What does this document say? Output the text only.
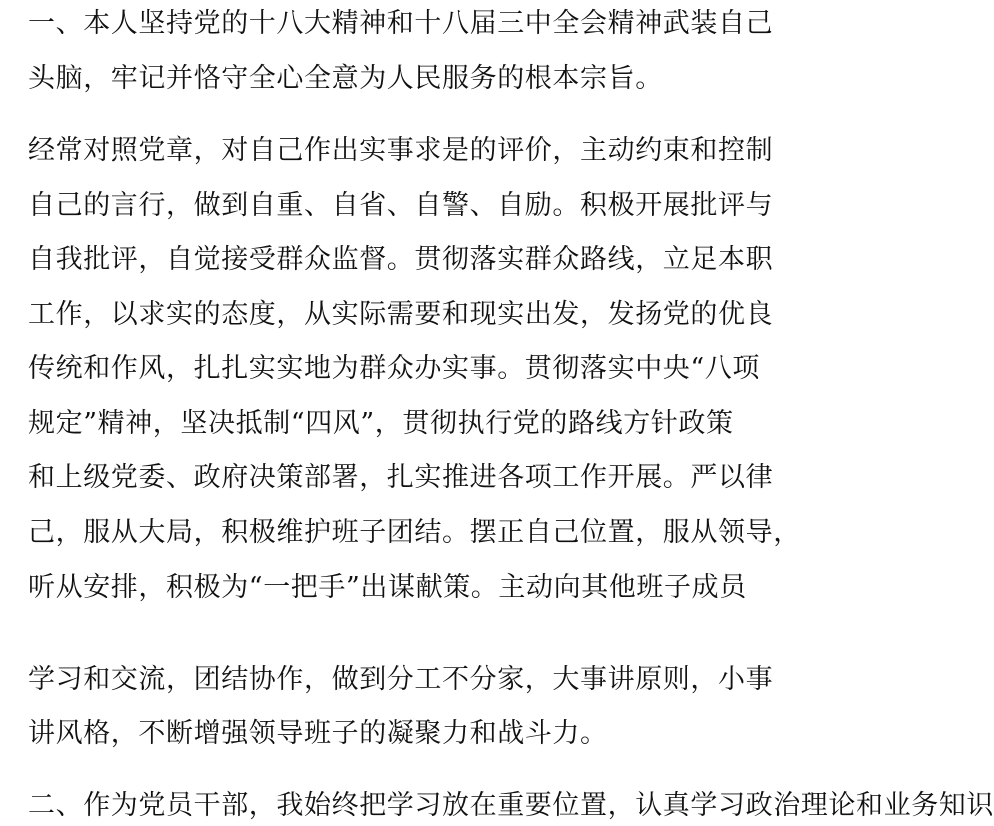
一、本人坚持党的十八大精神和十八届三中全会精神武装自己

头脑，牢记并恪守全心全意为人民服务的根本宗旨。

经常对照党章，对自己作出实事求是的评价，主动约束和控制

自己的言行，做到自重、自省、自警、自励。积极开展批评与

自我批评，自觉接受群众监督。贯彻落实群众路线，立足本职

工作，以求实的态度，从实际需要和现实出发，发扬党的优良

传统和作风，扎扎实实地为群众办实事。贯彻落实中央“八项

规定”精神，坚决抵制“四风”，贯彻执行党的路线方针政策

和上级党委、政府决策部署，扎实推进各项工作开展。严以律

己，服从大局，积极维护班子团结。摆正自己位置，服从领导，

听从安排，积极为“一把手”出谋献策。主动向其他班子成员

学习和交流，团结协作，做到分工不分家，大事讲原则，小事

讲风格，不断增强领导班子的凝聚力和战斗力。

二、作为党员干部，我始终把学习放在重要位置，认真学习政治理论和业务知识
